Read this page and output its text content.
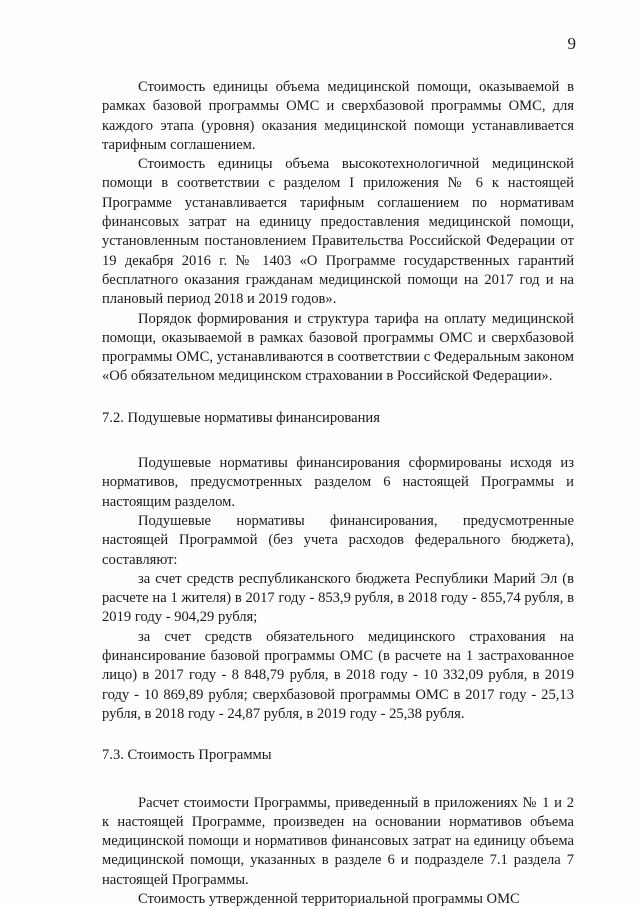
9

Стоимость единицы объема медицинской помощи, оказываемой в рамках базовой программы ОМС и сверхбазовой программы ОМС, для каждого этапа (уровня) оказания медицинской помощи устанавливается тарифным соглашением.

Стоимость единицы объема высокотехнологичной медицинской помощи в соответствии с разделом I приложения № 6 к настоящей Программе устанавливается тарифным соглашением по нормативам финансовых затрат на единицу предоставления медицинской помощи, установленным постановлением Правительства Российской Федерации от 19 декабря 2016 г. № 1403 «О Программе государственных гарантий бесплатного оказания гражданам медицинской помощи на 2017 год и на плановый период 2018 и 2019 годов».

Порядок формирования и структура тарифа на оплату медицинской помощи, оказываемой в рамках базовой программы ОМС и сверхбазовой программы ОМС, устанавливаются в соответствии с Федеральным законом «Об обязательном медицинском страховании в Российской Федерации».

7.2. Подушевые нормативы финансирования

Подушевые нормативы финансирования сформированы исходя из нормативов, предусмотренных разделом 6 настоящей Программы и настоящим разделом.

Подушевые нормативы финансирования, предусмотренные настоящей Программой (без учета расходов федерального бюджета), составляют:

за счет средств республиканского бюджета Республики Марий Эл (в расчете на 1 жителя) в 2017 году - 853,9 рубля, в 2018 году - 855,74 рубля, в 2019 году - 904,29 рубля;

за счет средств обязательного медицинского страхования на финансирование базовой программы ОМС (в расчете на 1 застрахованное лицо) в 2017 году - 8 848,79 рубля, в 2018 году - 10 332,09 рубля, в 2019 году - 10 869,89 рубля; сверхбазовой программы ОМС в 2017 году - 25,13 рубля, в 2018 году - 24,87 рубля, в 2019 году - 25,38 рубля.

7.3. Стоимость Программы

Расчет стоимости Программы, приведенный в приложениях № 1 и 2 к настоящей Программе, произведен на основании нормативов объема медицинской помощи и нормативов финансовых затрат на единицу объема медицинской помощи, указанных в разделе 6 и подразделе 7.1 раздела 7 настоящей Программы.

Стоимость утвержденной территориальной программы ОМС
